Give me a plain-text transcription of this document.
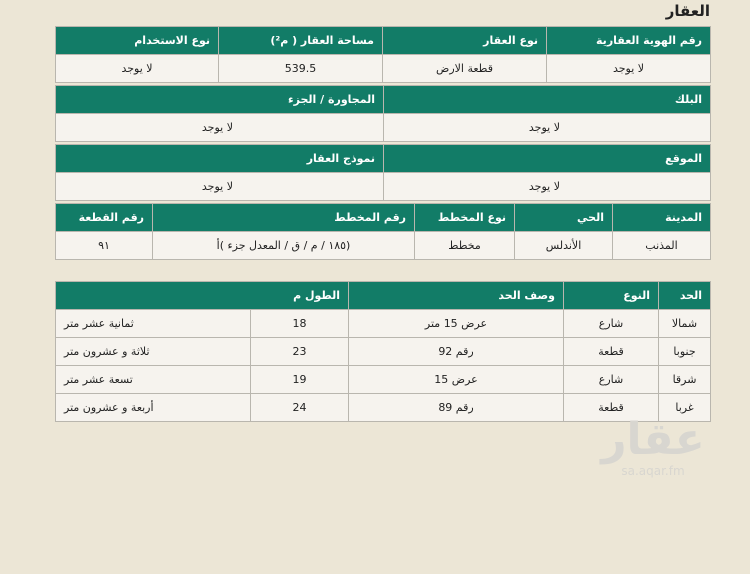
العقار
رقم الهوية العقارية	نوع العقار	مساحة العقار ( م²)	نوع الاستخدام
لا يوجد	قطعة الارض	539.5	لا يوجد
البلك	المجاورة / الجزء
لا يوجد	لا يوجد
الموقع	نموذج العقار
لا يوجد	لا يوجد
المدينة	الحي	نوع المخطط	رقم المخطط	رقم القطعة
المذنب	الأندلس	مخطط	(١٨٥ / م / ق / المعدل جزء )أ	٩١
الحد	النوع	وصف الحد	الطول م	
شمالا	شارع	عرض 15 متر	18	ثمانية عشر متر
جنوبا	قطعة	رقم 92	23	ثلاثة و عشرون متر
شرقا	شارع	عرض 15	19	تسعة عشر متر
غربا	قطعة	رقم 89	24	أربعة و عشرون متر
عقار
sa.aqar.fm
